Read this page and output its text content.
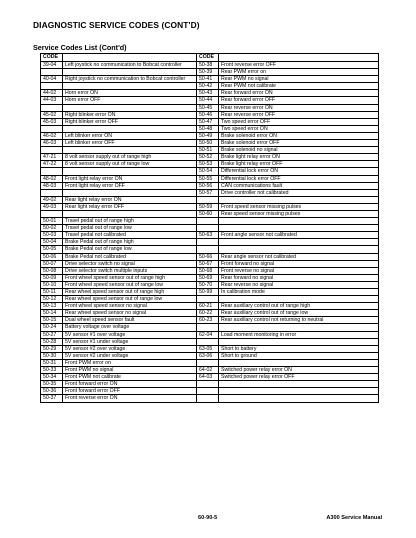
DIAGNOSTIC SERVICE CODES (CONT'D)
Service Codes List (Cont'd)
CODE		CODE	
39-04	Left joystick no communication to Bobcat controller	50-38	Front reverse error OFF
		50-39	Rear PWM error on
40-04	Right joystick no communication to Bobcat controller	50-41	Rear PWM no signal
		50-42	Rear PWM not calibrate
44-02	Horn error ON	50-43	Rear forward error ON
44-03	Horn error OFF	50-44	Rear forward error OFF
		50-45	Rear reverse error ON
45-02	Right blinker error ON	50-46	Rear reverse error OFF
45-03	Right blinker error OFF	50-47	Two speed error OFF
		50-48	Two speed error ON
46-02	Left blinker error ON	50-49	Brake solenoid error ON
46-03	Left blinker error OFF	50-50	Brake solenoid error OFF
		50-51	Brake solenoid no signal
47-21	8 volt sensor supply out of range high	50-52	Brake light relay error ON
47-22	8 volt sensor supply out of range low	50-53	Brake light relay error OFF
		50-54	Differential lock error ON
48-02	Front light relay error ON	50-55	Differential lock error OFF
48-03	Front light relay error OFF	50-56	CAN communications fault
		50-57	Drive controller not calibrated
49-02	Rear light relay error ON		
49-03	Rear light relay error OFF	50-59	Front speed sensor missing pulses
		50-60	Rear speed sensor missing pulses
50-01	Travel pedal out of range high		
50-02	Travel pedal out of range low		
50-03	Travel pedal not calibrated	50-63	Front angle sensor not calibrated
50-04	Brake Pedal out of range high		
50-05	Brake Pedal out of range low		
50-06	Brake Pedal not calibrated	50-66	Rear angle sensor not calibrated
50-07	Drive selector switch no signal	50-67	Front forward no signal
50-08	Drive selector switch multiple inputs	50-68	Front reverse no signal
50-09	Front wheel speed sensor out of range high	50-69	Rear forward no signal
50-10	Front wheel speed sensor out of range low	50-70	Rear reverse no signal
50-11	Rear wheel speed sensor out of range high	50-99	In calibration mode
50-12	Rear wheel speed sensor out of range low		
50-13	Front wheel speed sensor no signal	60-21	Rear auxiliary control out of range high
50-14	Rear wheel speed sensor no signal	60-22	Rear auxiliary control out of range low
50-15	Dual wheel speed sensor fault	60-23	Rear auxiliary control not returning to neutral
50-24	Battery voltage over voltage		
50-27	5V sensor #1 over voltage	62-04	Load moment monitoring in error
50-28	5V sensor #1 under voltage		
50-29	5V sensor #2 over voltage	63-05	Short to battery
50-30	5V sensor #2 under voltage	63-06	Short to ground
50-31	Front PWM error on		
50-33	Front PWM no signal	64-02	Switched power relay error ON
50-34	Front PWM not calibrate	64-03	Switched power relay error OFF
50-35	Front forward error ON		
50-36	Front forward error OFF		
50-37	Front reverse error ON		
60-90-5	A300 Service Manual
